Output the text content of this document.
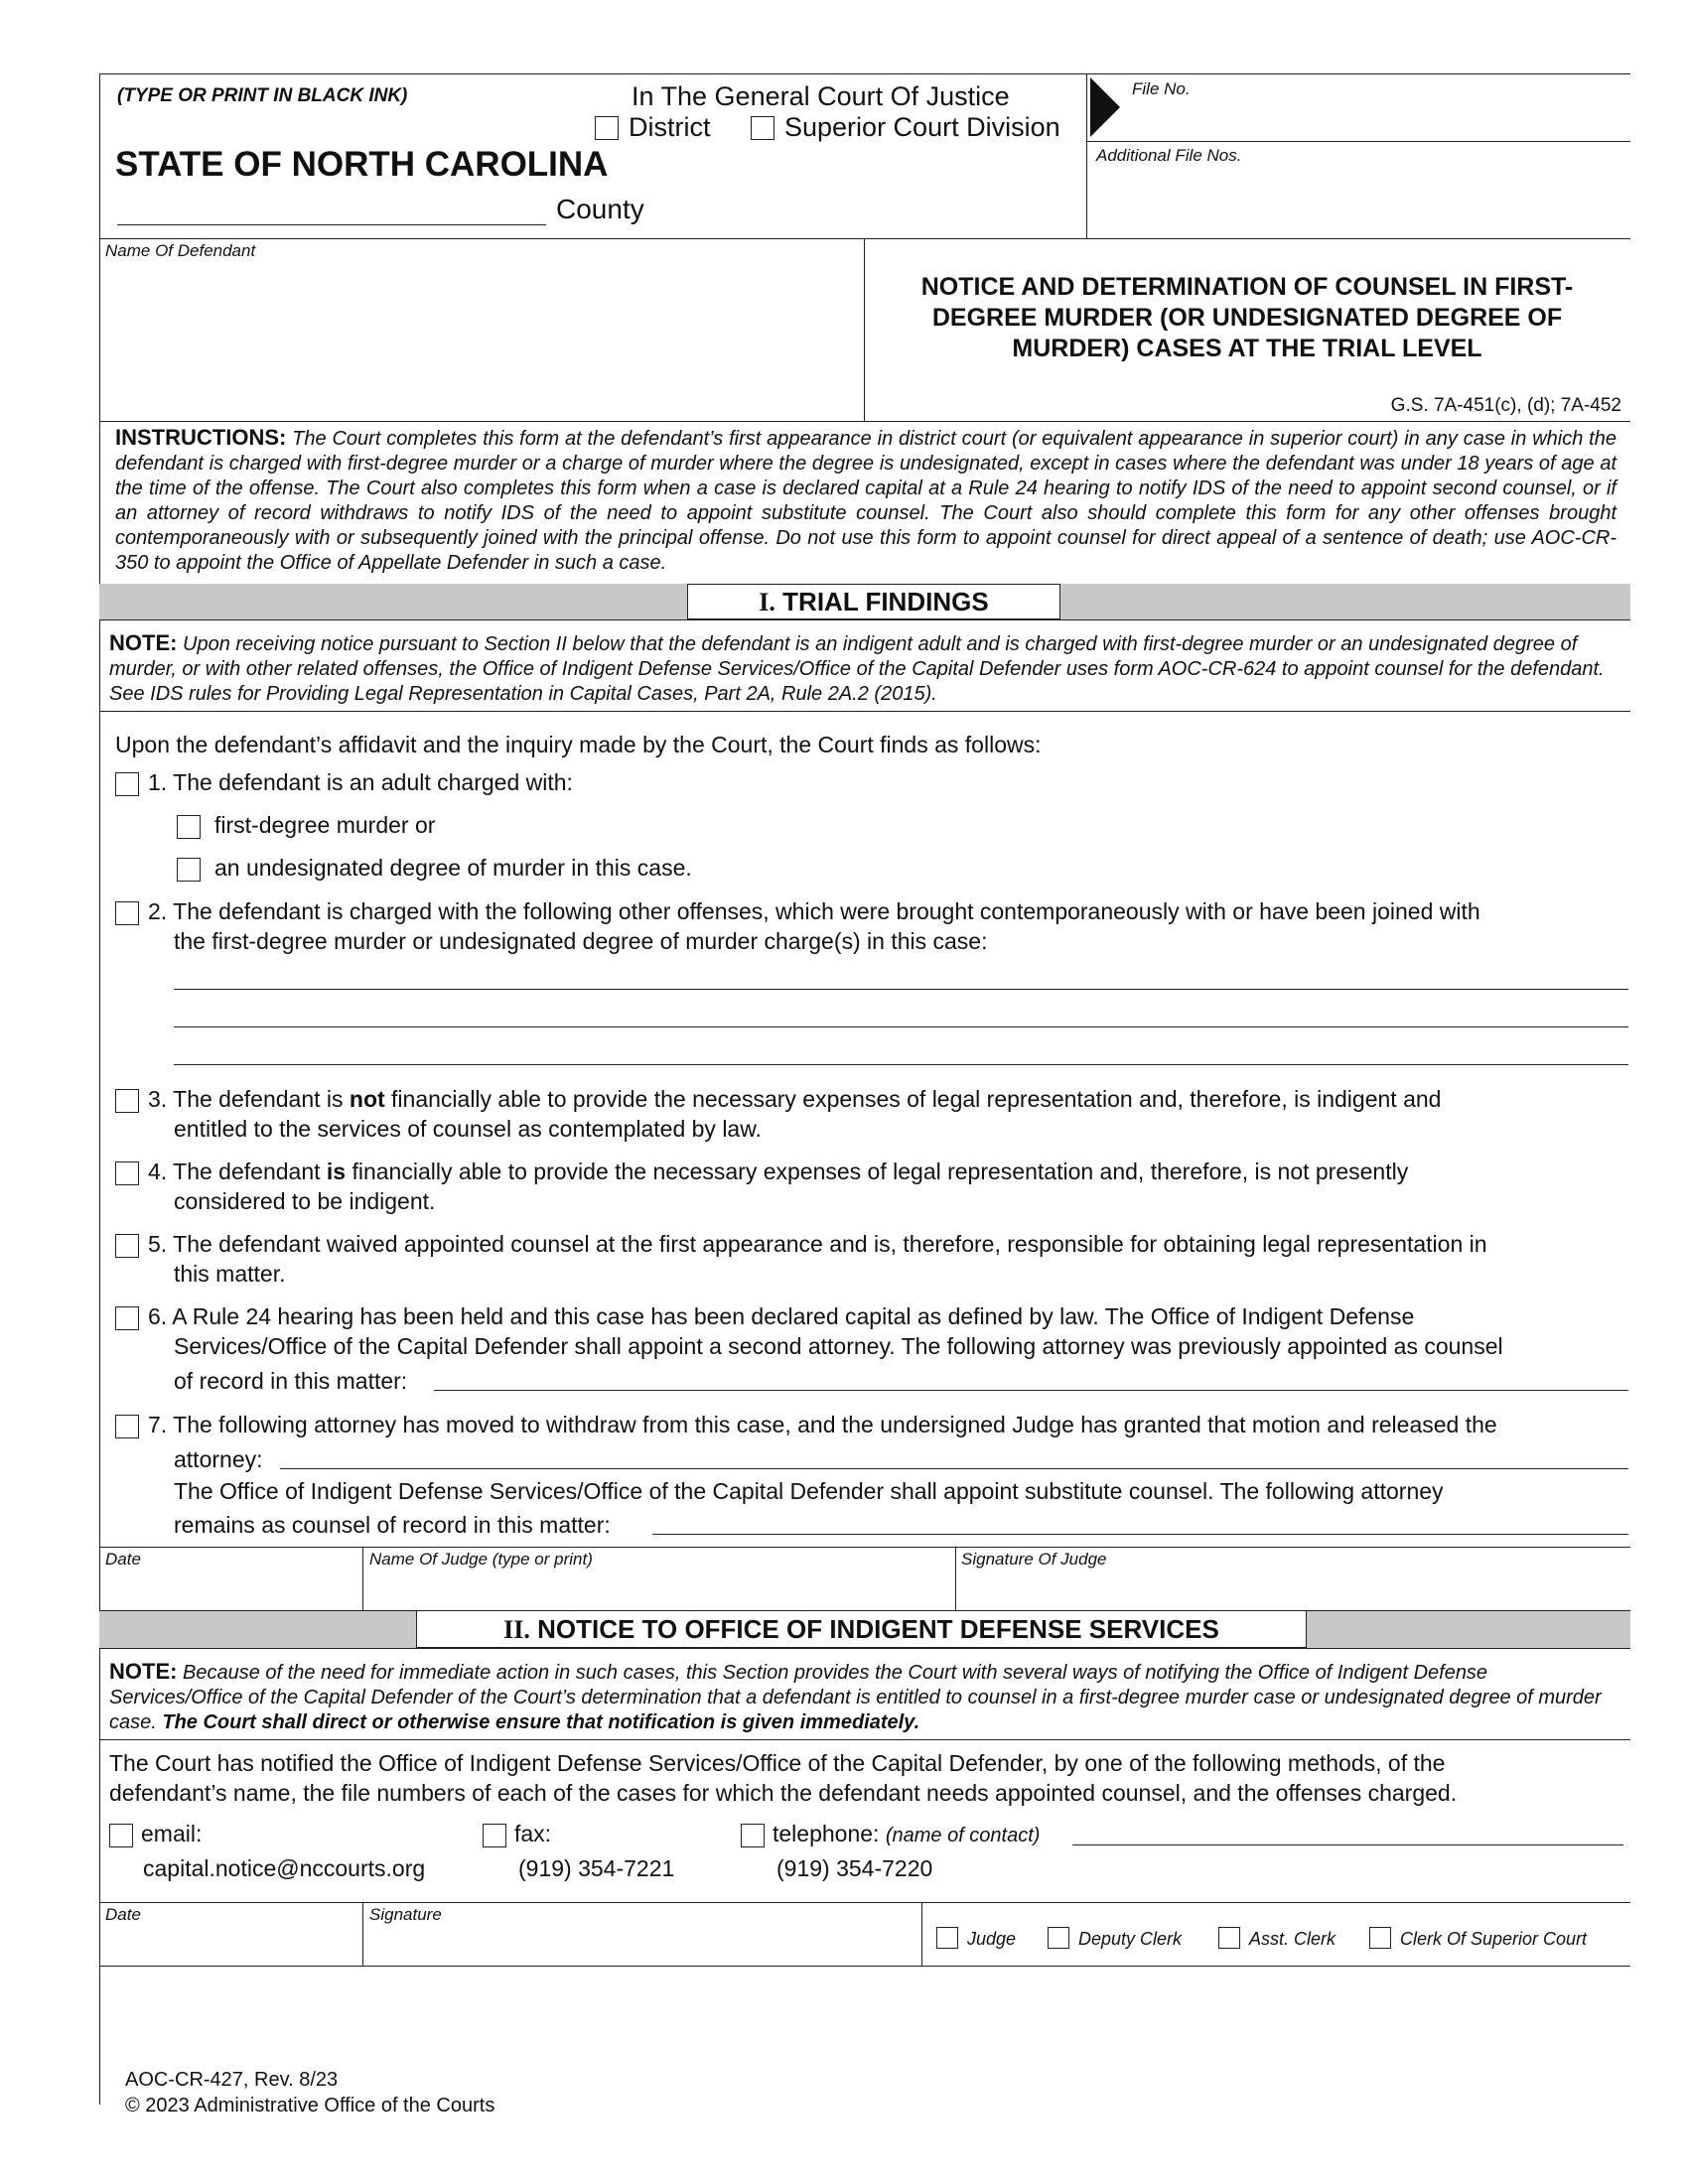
(TYPE OR PRINT IN BLACK INK)	In The General Court Of Justice
District	Superior Court Division
STATE OF NORTH CAROLINA
County
File No.
Additional File Nos.
Name Of Defendant
NOTICE AND DETERMINATION OF COUNSEL IN FIRST-DEGREE MURDER (OR UNDESIGNATED DEGREE OF MURDER) CASES AT THE TRIAL LEVEL
G.S. 7A-451(c), (d); 7A-452
INSTRUCTIONS: The Court completes this form at the defendant’s first appearance in district court (or equivalent appearance in superior court) in any case in which the defendant is charged with first-degree murder or a charge of murder where the degree is undesignated, except in cases where the defendant was under 18 years of age at the time of the offense. The Court also completes this form when a case is declared capital at a Rule 24 hearing to notify IDS of the need to appoint second counsel, or if an attorney of record withdraws to notify IDS of the need to appoint substitute counsel. The Court also should complete this form for any other offenses brought contemporaneously with or subsequently joined with the principal offense. Do not use this form to appoint counsel for direct appeal of a sentence of death; use AOC-CR-350 to appoint the Office of Appellate Defender in such a case.
I. TRIAL FINDINGS
NOTE: Upon receiving notice pursuant to Section II below that the defendant is an indigent adult and is charged with first-degree murder or an undesignated degree of murder, or with other related offenses, the Office of Indigent Defense Services/Office of the Capital Defender uses form AOC-CR-624 to appoint counsel for the defendant. See IDS rules for Providing Legal Representation in Capital Cases, Part 2A, Rule 2A.2 (2015).
Upon the defendant’s affidavit and the inquiry made by the Court, the Court finds as follows:
1. The defendant is an adult charged with:
first-degree murder or
an undesignated degree of murder in this case.
2. The defendant is charged with the following other offenses, which were brought contemporaneously with or have been joined with
the first-degree murder or undesignated degree of murder charge(s) in this case:
3. The defendant is not financially able to provide the necessary expenses of legal representation and, therefore, is indigent and
entitled to the services of counsel as contemplated by law.
4. The defendant is financially able to provide the necessary expenses of legal representation and, therefore, is not presently
considered to be indigent.
5. The defendant waived appointed counsel at the first appearance and is, therefore, responsible for obtaining legal representation in
this matter.
6. A Rule 24 hearing has been held and this case has been declared capital as defined by law. The Office of Indigent Defense
Services/Office of the Capital Defender shall appoint a second attorney. The following attorney was previously appointed as counsel
of record in this matter:
7. The following attorney has moved to withdraw from this case, and the undersigned Judge has granted that motion and released the
attorney:
The Office of Indigent Defense Services/Office of the Capital Defender shall appoint substitute counsel. The following attorney
remains as counsel of record in this matter:
Date	Name Of Judge (type or print)	Signature Of Judge
II. NOTICE TO OFFICE OF INDIGENT DEFENSE SERVICES
NOTE: Because of the need for immediate action in such cases, this Section provides the Court with several ways of notifying the Office of Indigent Defense Services/Office of the Capital Defender of the Court’s determination that a defendant is entitled to counsel in a first-degree murder case or undesignated degree of murder case. The Court shall direct or otherwise ensure that notification is given immediately.
The Court has notified the Office of Indigent Defense Services/Office of the Capital Defender, by one of the following methods, of the
defendant’s name, the file numbers of each of the cases for which the defendant needs appointed counsel, and the offenses charged.
email:
capital.notice@nccourts.org
fax:
(919) 354-7221
telephone: (name of contact)
(919) 354-7220
Date	Signature
Judge	Deputy Clerk	Asst. Clerk	Clerk Of Superior Court
AOC-CR-427, Rev. 8/23
© 2023 Administrative Office of the Courts
